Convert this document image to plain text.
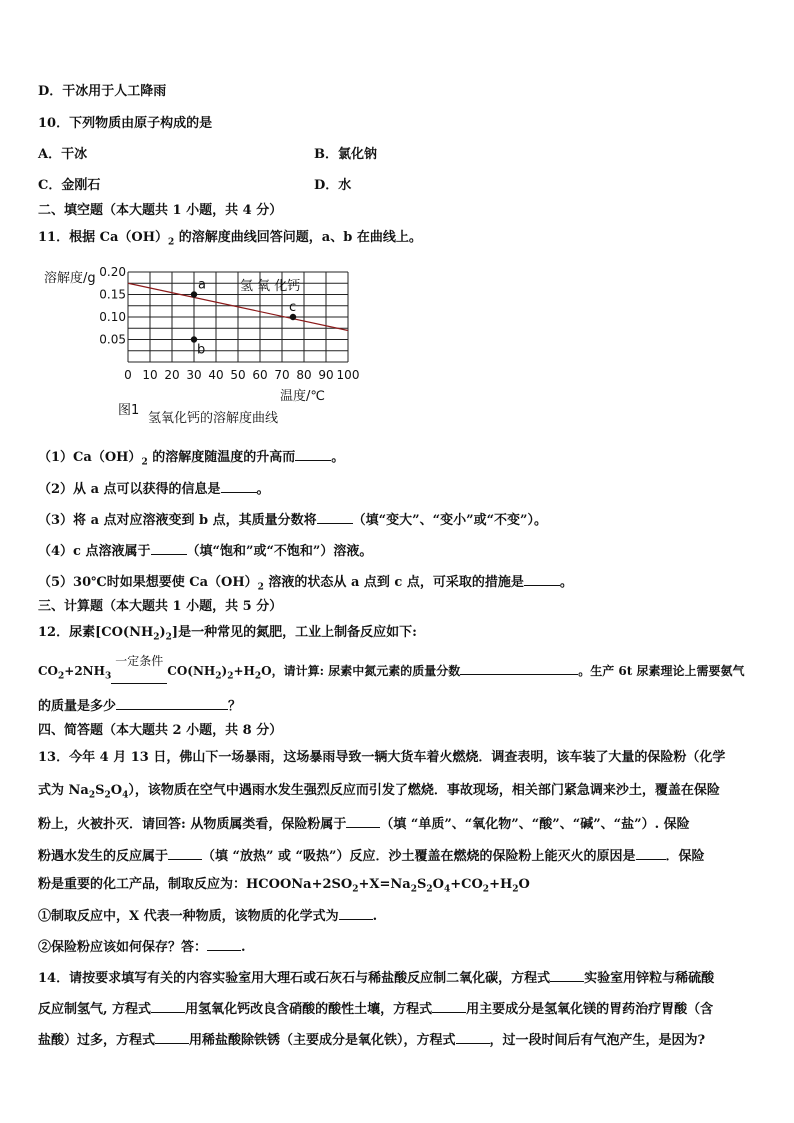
D．干冰用于人工降雨
10．下列物质由原子构成的是
A．干冰	B．氯化钠
C．金刚石	D．水
二、填空题（本大题共 1 小题，共 4 分）
11．根据 $Ca(OH)_2$ 的溶解度曲线回答问题，a、b 在曲线上。
0 10 20 30 40 50 60 70 80 90 100
0.20
0.15
0.10
0.05
a
b
c
溶解度/g
温度/℃
氢 氧 化钙
图1
氢氧化钙的溶解度曲线
$(1)Ca(OH)_2$ 的溶解度随温度的升高而	。
（2）从 a 点可以获得的信息是	。
（3）将 a 点对应溶液变到 b 点，其质量分数将	（填“变大”、“变小”或“不变”）。
（4）c 点溶液属于	（填“饱和”或“不饱和”）溶液。
（5）30℃时如果想要使 $Ca(OH)_2$ 溶液的状态从 a 点到 c 点，可采取的措施是	。
三、计算题（本大题共 1 小题，共 5 分）
12．尿素$[CO(NH_2)_2]$是一种常见的氮肥，工业上制备反应如下:
$CO_2+2NH_3$
一定条件
$CO(NH_2)_2+H_2O$，请计算: 尿素中氮元素的质量分数	。生产 6t 尿素理论上需要氨气
的质量是多少	？
四、简答题（本大题共 2 小题，共 8 分）
13．今年 4 月 13 日，佛山下一场暴雨，这场暴雨导致一辆大货车着火燃烧．调查表明，该车装了大量的保险粉（化学
式为 $Na_2S_2O_4$），该物质在空气中遇雨水发生强烈反应而引发了燃烧．事故现场，相关部门紧急调来沙土，覆盖在保险
粉上，火被扑灭．请回答: 从物质属类看，保险粉属于	（填 “单质”、“氧化物”、“酸”、“碱”、“盐”）. 保险
粉遇水发生的反应属于	（填 “放热” 或 “吸热”）反应．沙土覆盖在燃烧的保险粉上能灭火的原因是 ．保险
粉是重要的化工产品，制取反应为：$HCOONa+2SO_2+X=Na_2S_2O_4+CO_2+H_2O$
①制取反应中，X 代表一种物质，该物质的化学式为	.
②保险粉应该如何保存？答：	.
14．请按要求填写有关的内容实验室用大理石或石灰石与稀盐酸反应制二氧化碳，方程式	实验室用锌粒与稀硫酸
反应制氢气, 方程式	用氢氧化钙改良含硝酸的酸性土壤，方程式	用主要成分是氢氧化镁的胃药治疗胃酸（含
盐酸）过多，方程式	用稀盐酸除铁锈（主要成分是氧化铁），方程式	，过一段时间后有气泡产生，是因为?
